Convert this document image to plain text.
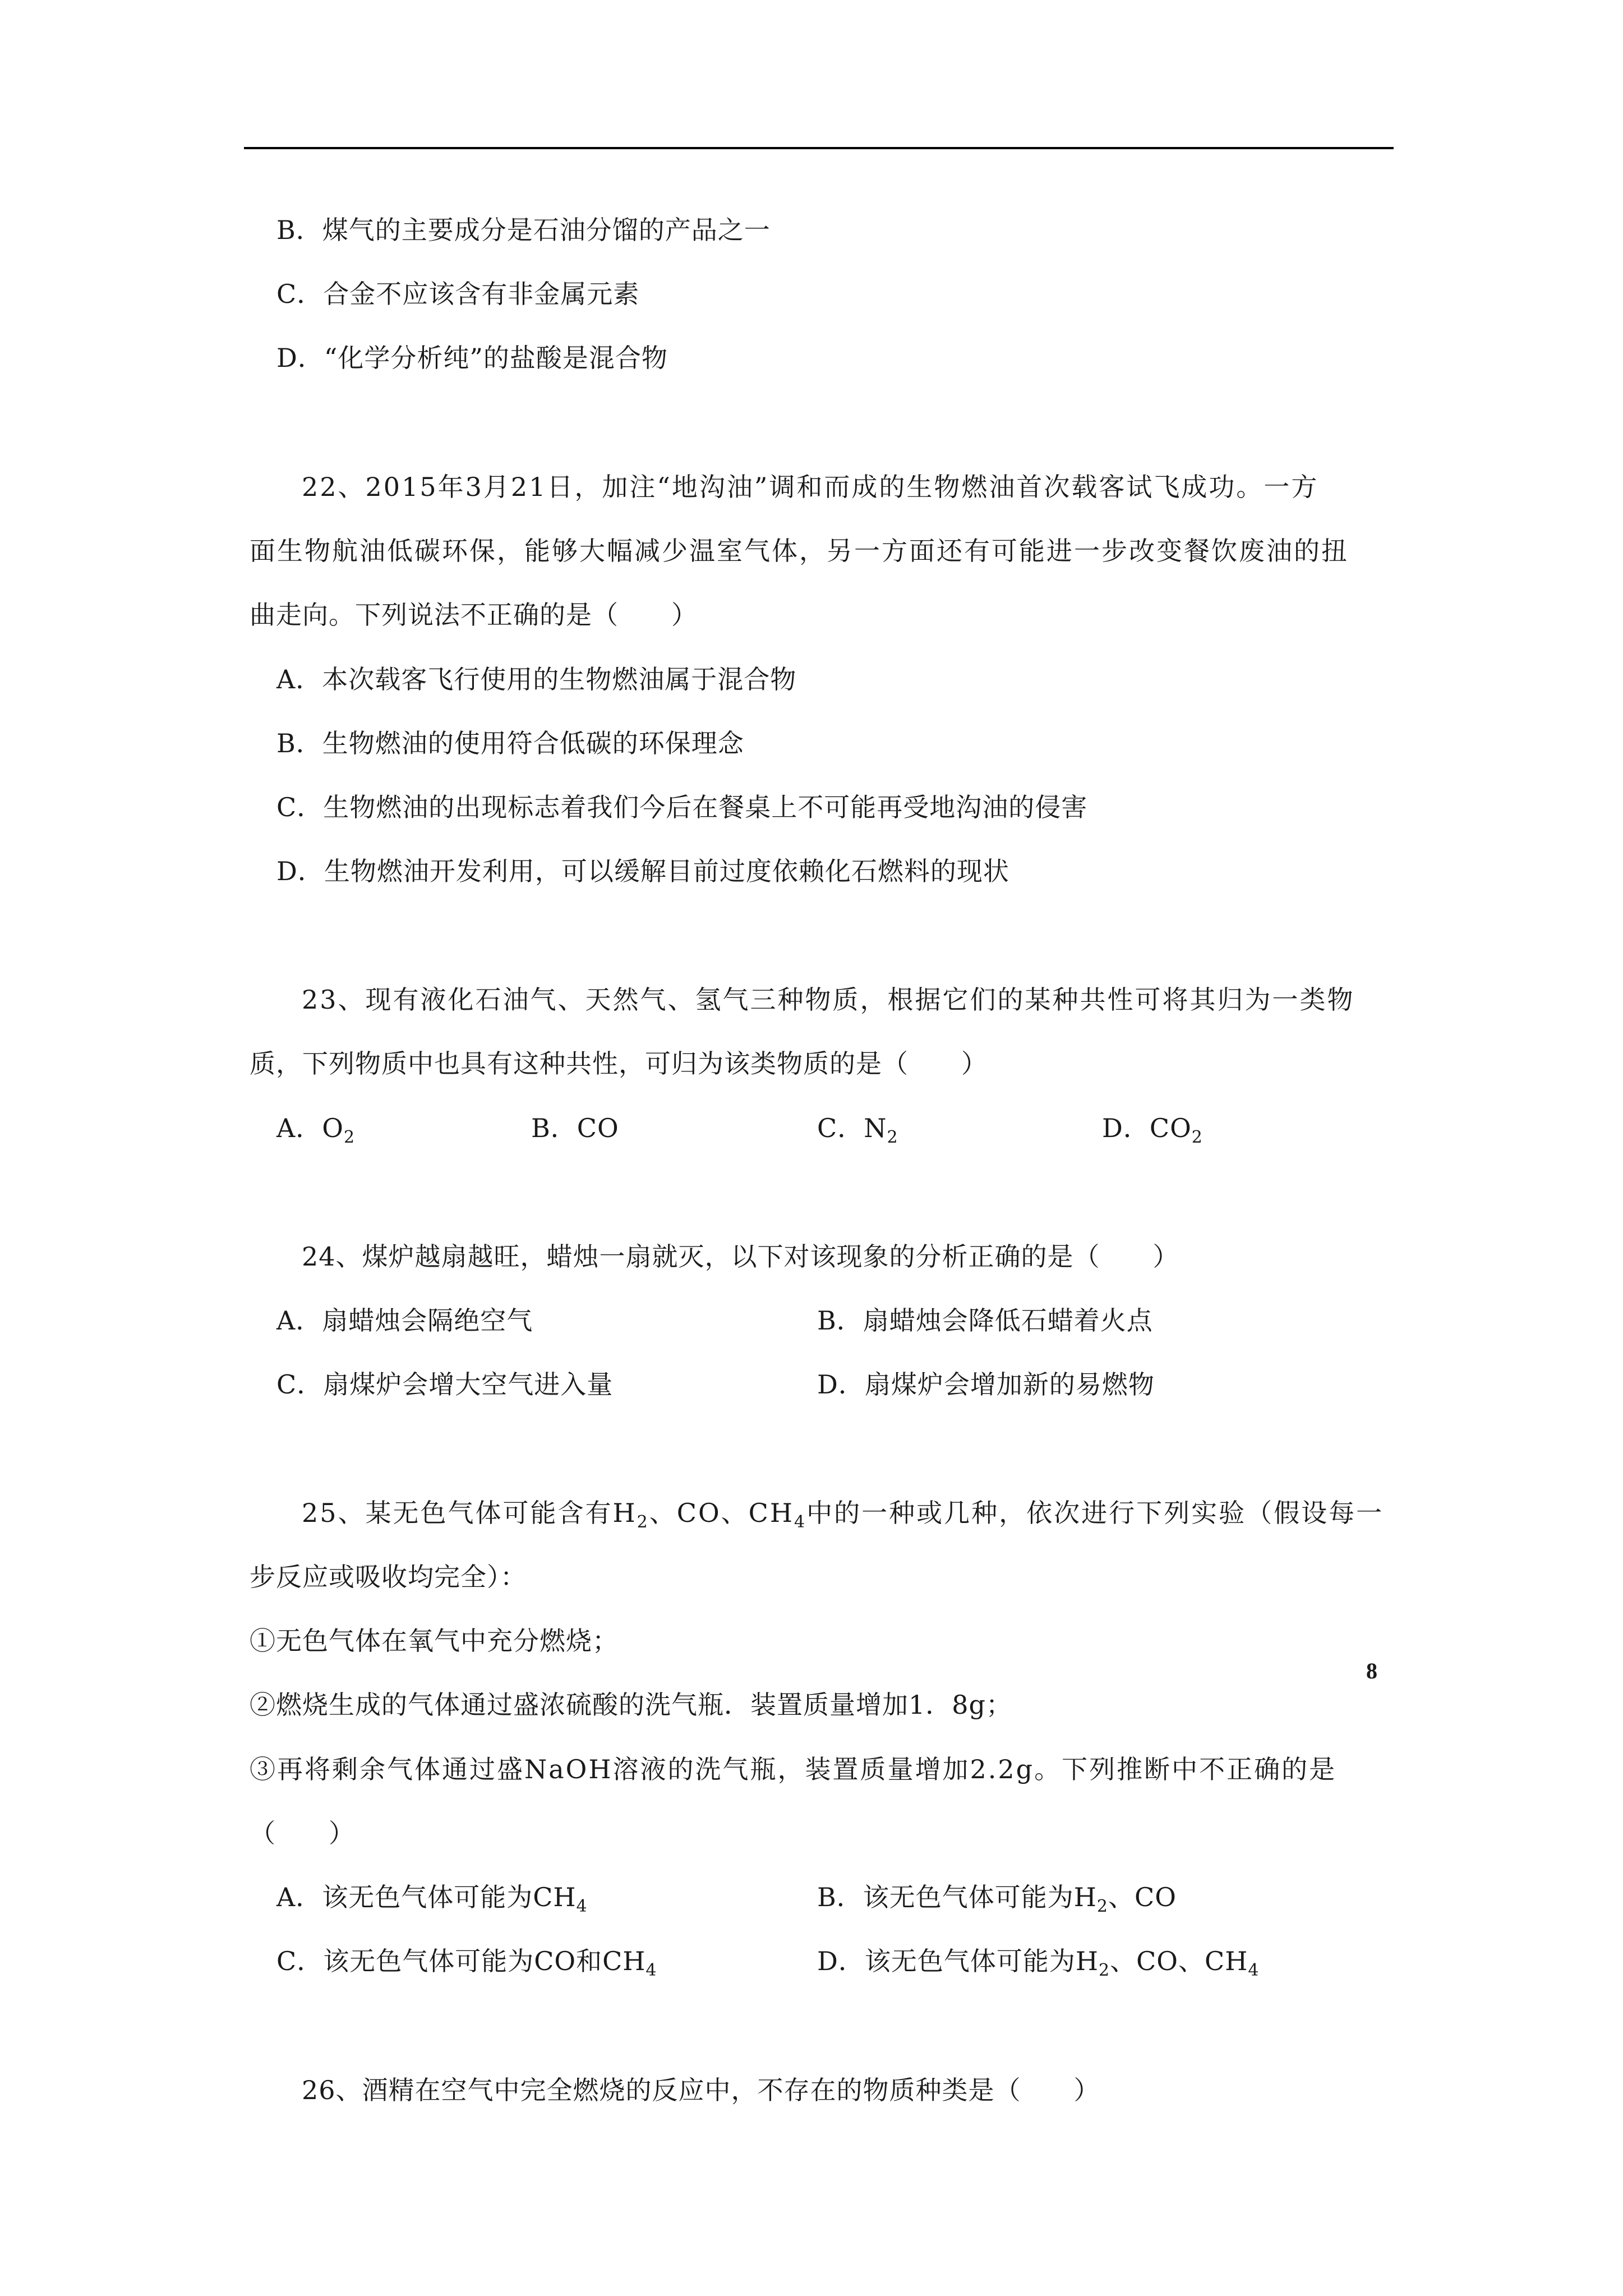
B．煤气的主要成分是石油分馏的产品之一
C．合金不应该含有非金属元素
D．“化学分析纯”的盐酸是混合物
22、2015年3月21日，加注“地沟油”调和而成的生物燃油首次载客试飞成功。一方
面生物航油低碳环保，能够大幅减少温室气体，另一方面还有可能进一步改变餐饮废油的扭
曲走向。下列说法不正确的是（　　）
A．本次载客飞行使用的生物燃油属于混合物
B．生物燃油的使用符合低碳的环保理念
C．生物燃油的出现标志着我们今后在餐桌上不可能再受地沟油的侵害
D．生物燃油开发利用，可以缓解目前过度依赖化石燃料的现状
23、现有液化石油气、天然气、氢气三种物质，根据它们的某种共性可将其归为一类物
质，下列物质中也具有这种共性，可归为该类物质的是（　　）
A．$O_2$	B．CO	C．$N_2$	D．$CO_2$
24、煤炉越扇越旺，蜡烛一扇就灭，以下对该现象的分析正确的是（　　）
A．扇蜡烛会隔绝空气	B．扇蜡烛会降低石蜡着火点
C．扇煤炉会增大空气进入量	D．扇煤炉会增加新的易燃物
25、某无色气体可能含有$H_2$、CO、$CH_4$中的一种或几种，依次进行下列实验（假设每一
步反应或吸收均完全）：
①无色气体在氧气中充分燃烧；
②燃烧生成的气体通过盛浓硫酸的洗气瓶．装置质量增加1．8g；
③再将剩余气体通过盛NaOH溶液的洗气瓶，装置质量增加2.2g。下列推断中不正确的是
（　　）
A．该无色气体可能为$CH_4$	B．该无色气体可能为$H_2$、CO
C．该无色气体可能为CO和$CH_4$	D．该无色气体可能为$H_2$、CO、$CH_4$
26、酒精在空气中完全燃烧的反应中，不存在的物质种类是（　　）
8
